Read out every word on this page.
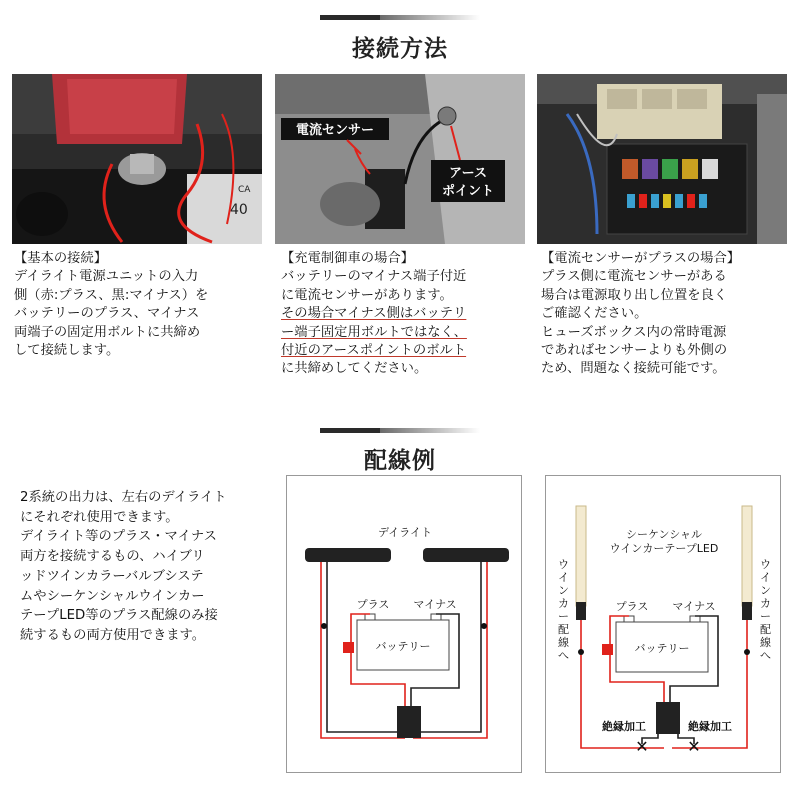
接続方法
40
CA
電流センサー
アース
ポイント
【基本の接続】
デイライト電源ユニットの入力
側（赤:プラス、黒:マイナス）を
バッテリーのプラス、マイナス
両端子の固定用ボルトに共締め
して接続します。
【充電制御車の場合】
バッテリーのマイナス端子付近
に電流センサーがあります。
その場合マイナス側はバッテリ
ー端子固定用ボルトではなく、
付近のアースポイントのボルト
に共締めしてください。
【電流センサーがプラスの場合】
プラス側に電流センサーがある
場合は電源取り出し位置を良く
ご確認ください。
ヒューズボックス内の常時電源
であればセンサーよりも外側の
ため、問題なく接続可能です。
配線例
2系統の出力は、左右のデイライト
にそれぞれ使用できます。
デイライト等のプラス・マイナス
両方を接続するもの、ハイブリ
ッドツインカラーバルブシステ
ムやシーケンシャルウインカー
テープLED等のプラス配線のみ接
続するもの両方使用できます。
デイライト
プラス マイナス
バッテリー
シーケンシャル
ウインカーテープLED
ウ
イ
ン
カ
ー
配
線
へ
ウ
イ
ン
カ
ー
配
線
へ
プラス マイナス
バッテリー
絶縁加工	絶縁加工
✕ ✕
